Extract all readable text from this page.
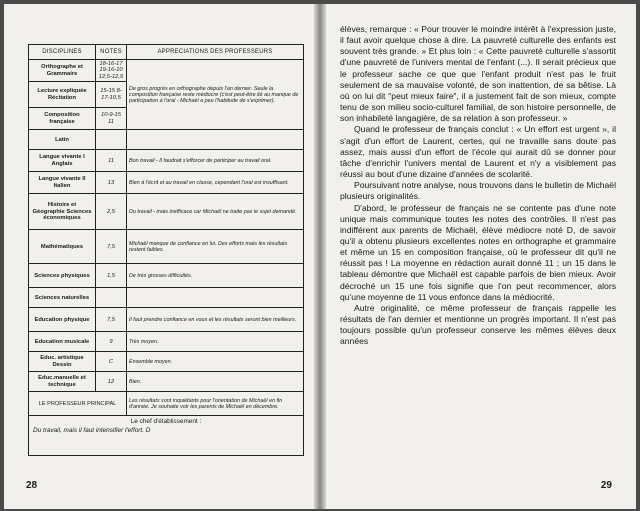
DISCIPLINES	NOTES	APPRECIATIONS DES PROFESSEURS
Orthographe et Grammaire	18-16-17 19-16-10 12,5-12,5	De gros progrès en orthographe depuis l'an dernier. Seule la composition française reste médiocre (c'est peut-être lié au manque de participation à l'oral - Michaël a peu l'habitude de s'exprimer).
Lecture expliquée Récitation	15-15 8-17-10,5	
Composition française	10-9-15 11	
Latin		
Langue vivante I Anglais	11	Bon travail - Il faudrait s'efforcer de participer au travail oral.
Langue vivante II Italien	13	Bien à l'écrit et au travail en classe, cependant l'oral est insuffisant.
Histoire et Géographie Sciences économiques	2,5	Du travail - mais inefficace car Michaël ne traite pas le sujet demandé.
Mathématiques	7,5	Michaël manque de confiance en lui. Des efforts mais les résultats restent faibles.
Sciences physiques	1,5	De très grosses difficultés.
Sciences naturelles		
Education physique	7,5	Il faut prendre confiance en vous et les résultats seront bien meilleurs.
Education musicale	9	Très moyen.
Educ. artistique Dessin	C	Ensemble moyen.
Educ.manuelle et technique	12	Bien.
LE PROFESSEUR PRINCIPAL		Les résultats sont inquiétants pour l'orientation de Michaël en fin d'année. Je souhaite voir les parents de Michaël en décembre.

Le chef d'établissement :
Du travail, mais il faut intensifier l'effort. D		
28

élèves, remarque : « Pour trouver le moindre intérêt à l'expression juste, il faut avoir quelque chose à dire. La pauvreté culturelle des enfants est souvent très grande. » Et plus loin : « Cette pauvreté culturelle s'assortit d'une pauvreté de l'univers mental de l'enfant (...). Il serait précieux que le professeur sache ce que que l'enfant produit n'est pas le fruit seulement de sa mauvaise volonté, de son inattention, de sa bêtise. Là où on lui dit "peut mieux faire", il a justement fait de son mieux, compte tenu de son milieu socio-culturel familial, de son histoire personnelle, de son inhabileté langagière, de sa relation à son professeur. »

Quand le professeur de français conclut : « Un effort est urgent », il s'agit d'un effort de Laurent, certes, qui ne travaille sans doute pas assez, mais aussi d'un effort de l'école qui aurait dû se donner pour tâche d'enrichir l'univers mental de Laurent et n'y a visiblement pas réussi au bout d'une dizaine d'années de scolarité.

Poursuivant notre analyse, nous trouvons dans le bulletin de Michaël plusieurs originalités.

D'abord, le professeur de français ne se contente pas d'une note unique mais communique toutes les notes des contrôles. Il n'est pas indifférent aux parents de Michaël, élève médiocre noté D, de savoir qu'il a obtenu plusieurs excellentes notes en orthographe et grammaire et même un 15 en composition française, où le professeur dit qu'il ne réussit pas ! La moyenne en rédaction aurait donné 11 ; un 15 dans le tableau démontre que Michaël est capable parfois de bien mieux. Avoir décroché un 15 une fois signifie que l'on peut recommencer, alors qu'une moyenne de 11 vous enfonce dans la médiocrité.

Autre originalité, ce même professeur de français rappelle les résultats de l'an dernier et mentionne un progrès important. Il n'est pas toujours possible qu'un professeur conserve les mêmes élèves deux années

29
